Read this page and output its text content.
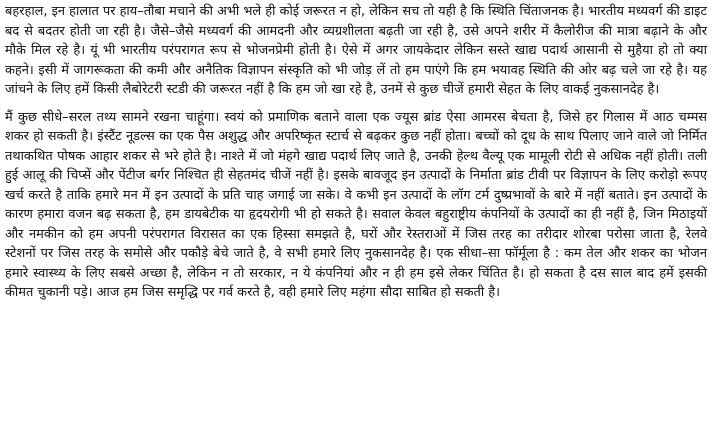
बहरहाल, इन हालात पर हाय–तौबा मचाने की अभी भले ही कोई जरूरत न हो, लेकिन सच तो यही है कि स्थिति चिंताजनक है। भारतीय मध्यवर्ग की डाइट बद से बदतर होती जा रही है। जैसे–जैसे मध्यवर्ग की आमदनी और व्यग्रशीलता बढ़ती जा रही है, उसे अपने शरीर में कैलोरीज की मात्रा बढ़ाने के और मौके मिल रहे है। यूं भी भारतीय परंपरागत रूप से भोजनप्रेमी होती है। ऐसे में अगर जायकेदार लेकिन सस्ते खाद्य पदार्थ आसानी से मुहैया हो तो क्या कहने। इसी में जागरूकता की कमी और अनैतिक विज्ञापन संस्कृति को भी जोड़ लें तो हम पाएंगे कि हम भयावह स्थिति की ओर बढ़ चले जा रहे है। यह जांचने के लिए हमें किसी लैबोरेटरी स्टडी की जरूरत नहीं है कि हम जो खा रहे है, उनमें से कुछ चीजें हमारी सेहत के लिए वाकई नुकसानदेह है।

मैं कुछ सीधे–सरल तथ्य सामने रखना चाहूंगा। स्वयं को प्रमाणिक बताने वाला एक ज्यूस ब्रांड ऐसा आमरस बेचता है, जिसे हर गिलास में आठ चम्मस शकर हो सकती है। इंस्टैंट नूडल्स का एक पैस अशुद्ध और अपरिष्कृत स्टार्च से बढ़कर कुछ नहीं होता। बच्चों को दूध के साथ पिलाए जाने वाले जो निर्मित तथाकथित पोषक आहार शकर से भरे होते है। नाश्ते में जो मंहगे खाद्य पदार्थ लिए जाते है, उनकी हेल्थ वैल्यू एक मामूली रोटी से अधिक नहीं होती। तली हुई आलू की चिप्सें और पेंटीज बर्गर निश्चित ही सेहतमंद चीजें नहीं है। इसके बावजूद इन उत्पादों के निर्माता ब्रांड टीवी पर विज्ञापन के लिए करोड़ो रूपए खर्च करते है ताकि हमारे मन में इन उत्पादों के प्रति चाह जगाई जा सके। वे कभी इन उत्पादों के लॉग टर्म दुष्प्रभावों के बारे में नहीं बताते। इन उत्पादों के कारण हमारा वजन बढ़ सकता है, हम डायबेटीक या हृदयरोगी भी हो सकते है। सवाल केवल बहुराष्ट्रीय कंपनियों के उत्पादों का ही नहीं है, जिन मिठाइयों और नमकीन को हम अपनी परंपरागत विरासत का एक हिस्सा समझते है, घरों और रेस्तराओं में जिस तरह का तरीदार शोरबा परोसा जाता है, रेलवे स्टेशनों पर जिस तरह के समोसे और पकौड़े बेचे जाते है, वे सभी हमारे लिए नुकसानदेह है। एक सीधा–सा फॉर्मूला है : कम तेल और शकर का भोजन हमारे स्वास्थ्य के लिए सबसे अच्छा है, लेकिन न तो सरकार, न ये कंपनियां और न ही हम इसे लेकर चिंतित है। हो सकता है दस साल बाद हमें इसकी कीमत चुकानी पड़े। आज हम जिस समृद्धि पर गर्व करते है, वही हमारे लिए महंगा सौदा साबित हो सकती है।
